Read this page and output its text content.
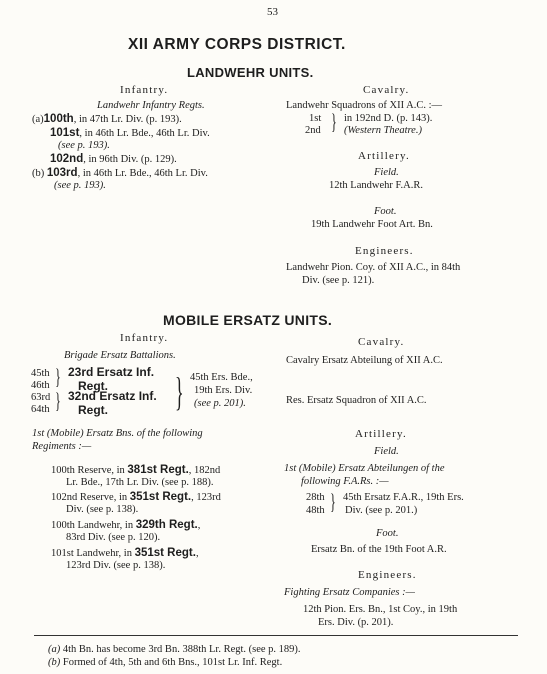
53
XII ARMY CORPS DISTRICT.
LANDWEHR UNITS.
Infantry.
Landwehr Infantry Regts.
(a)100th, in 47th Lr. Div. (p. 193).
101st, in 46th Lr. Bde., 46th Lr. Div.
(see p. 193).
102nd, in 96th Div. (p. 129).
(b) 103rd, in 46th Lr. Bde., 46th Lr. Div.
(see p. 193).
Cavalry.
Landwehr Squadrons of XII A.C. :—
1st
2nd } in 192nd D. (p. 143).
(Western Theatre.)
Artillery.
Field.
12th Landwehr F.A.R.
Foot.
19th Landwehr Foot Art. Bn.
Engineers.
Landwehr Pion. Coy. of XII A.C., in 84th
Div. (see p. 121).
MOBILE ERSATZ UNITS.
Infantry.
Brigade Ersatz Battalions.
45th
46th } 23rd Ersatz Inf.
Regt.
63rd
64th } 32nd Ersatz Inf.
Regt. } 45th Ers. Bde.,
19th Ers. Div.
(see p. 201).
1st (Mobile) Ersatz Bns. of the following
Regiments :—
100th Reserve, in 381st Regt., 182nd
Lr. Bde., 17th Lr. Div. (see p. 188).
102nd Reserve, in 351st Regt., 123rd
Div. (see p. 138).
100th Landwehr, in 329th Regt.,
83rd Div. (see p. 120).
101st Landwehr, in 351st Regt.,
123rd Div. (see p. 138).
Cavalry.
Cavalry Ersatz Abteilung of XII A.C.
Res. Ersatz Squadron of XII A.C.
Artillery.
Field.
1st (Mobile) Ersatz Abteilungen of the
following F.A.Rs. :—
28th
48th } 45th Ersatz F.A.R., 19th Ers.
Div. (see p. 201.)
Foot.
Ersatz Bn. of the 19th Foot A.R.
Engineers.
Fighting Ersatz Companies :—
12th Pion. Ers. Bn., 1st Coy., in 19th
Ers. Div. (p. 201).
(a) 4th Bn. has become 3rd Bn. 388th Lr. Regt. (see p. 189).
(b) Formed of 4th, 5th and 6th Bns., 101st Lr. Inf. Regt.
